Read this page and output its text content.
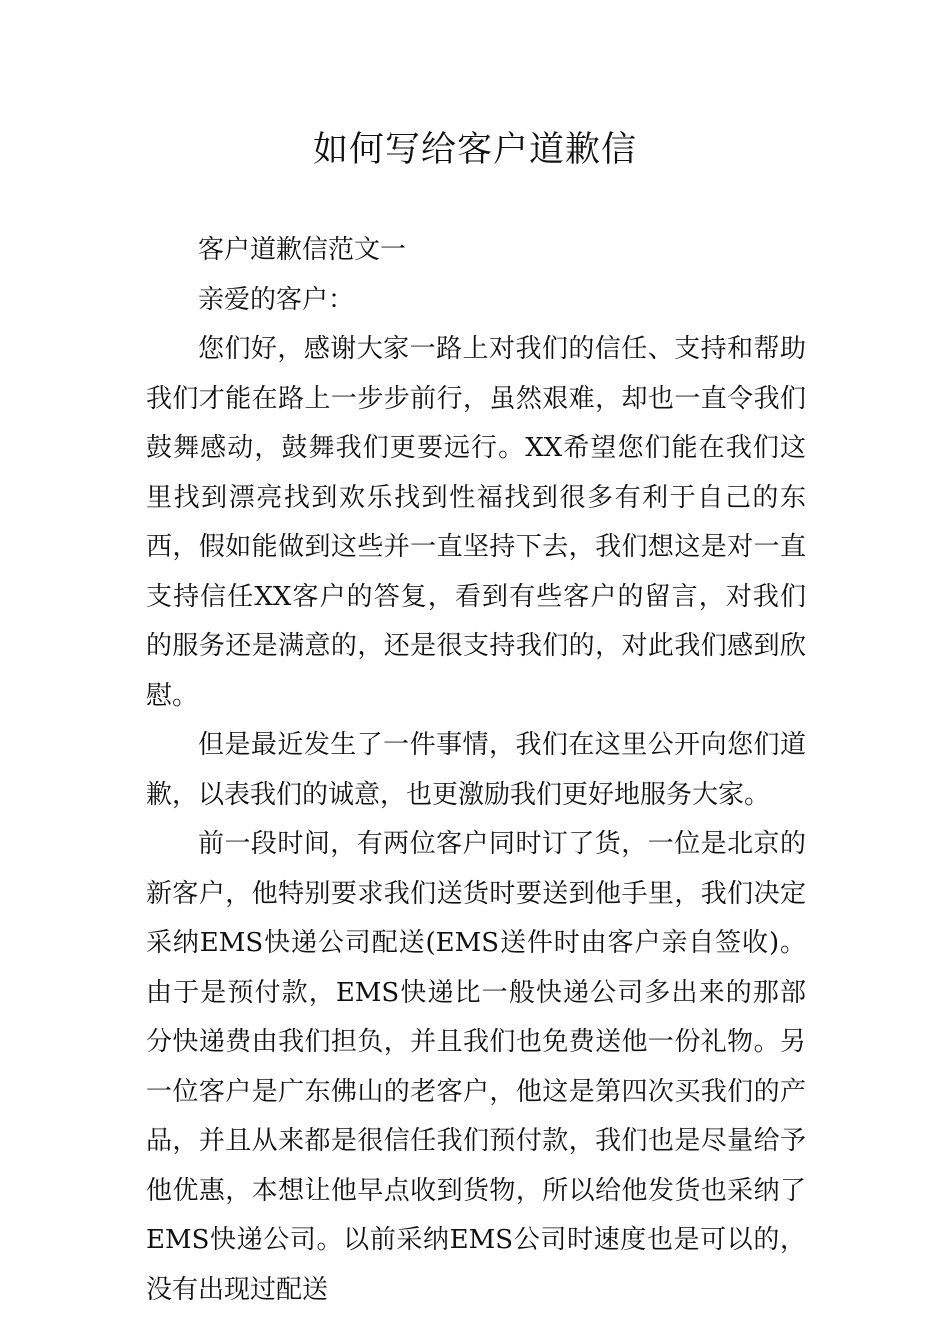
如何写给客户道歉信

客户道歉信范文一

亲爱的客户：

您们好，感谢大家一路上对我们的信任、支持和帮助我们才能在路上一步步前行，虽然艰难，却也一直令我们鼓舞感动，鼓舞我们更要远行。XX希望您们能在我们这里找到漂亮找到欢乐找到性福找到很多有利于自己的东西，假如能做到这些并一直坚持下去，我们想这是对一直支持信任XX客户的答复，看到有些客户的留言，对我们的服务还是满意的，还是很支持我们的，对此我们感到欣慰。

但是最近发生了一件事情，我们在这里公开向您们道歉，以表我们的诚意，也更激励我们更好地服务大家。

前一段时间，有两位客户同时订了货，一位是北京的新客户，他特别要求我们送货时要送到他手里，我们决定采纳EMS快递公司配送(EMS送件时由客户亲自签收)。由于是预付款，EMS快递比一般快递公司多出来的那部分快递费由我们担负，并且我们也免费送他一份礼物。另一位客户是广东佛山的老客户，他这是第四次买我们的产品，并且从来都是很信任我们预付款，我们也是尽量给予他优惠，本想让他早点收到货物，所以给他发货也采纳了EMS快递公司。以前采纳EMS公司时速度也是可以的，没有出现过配送
